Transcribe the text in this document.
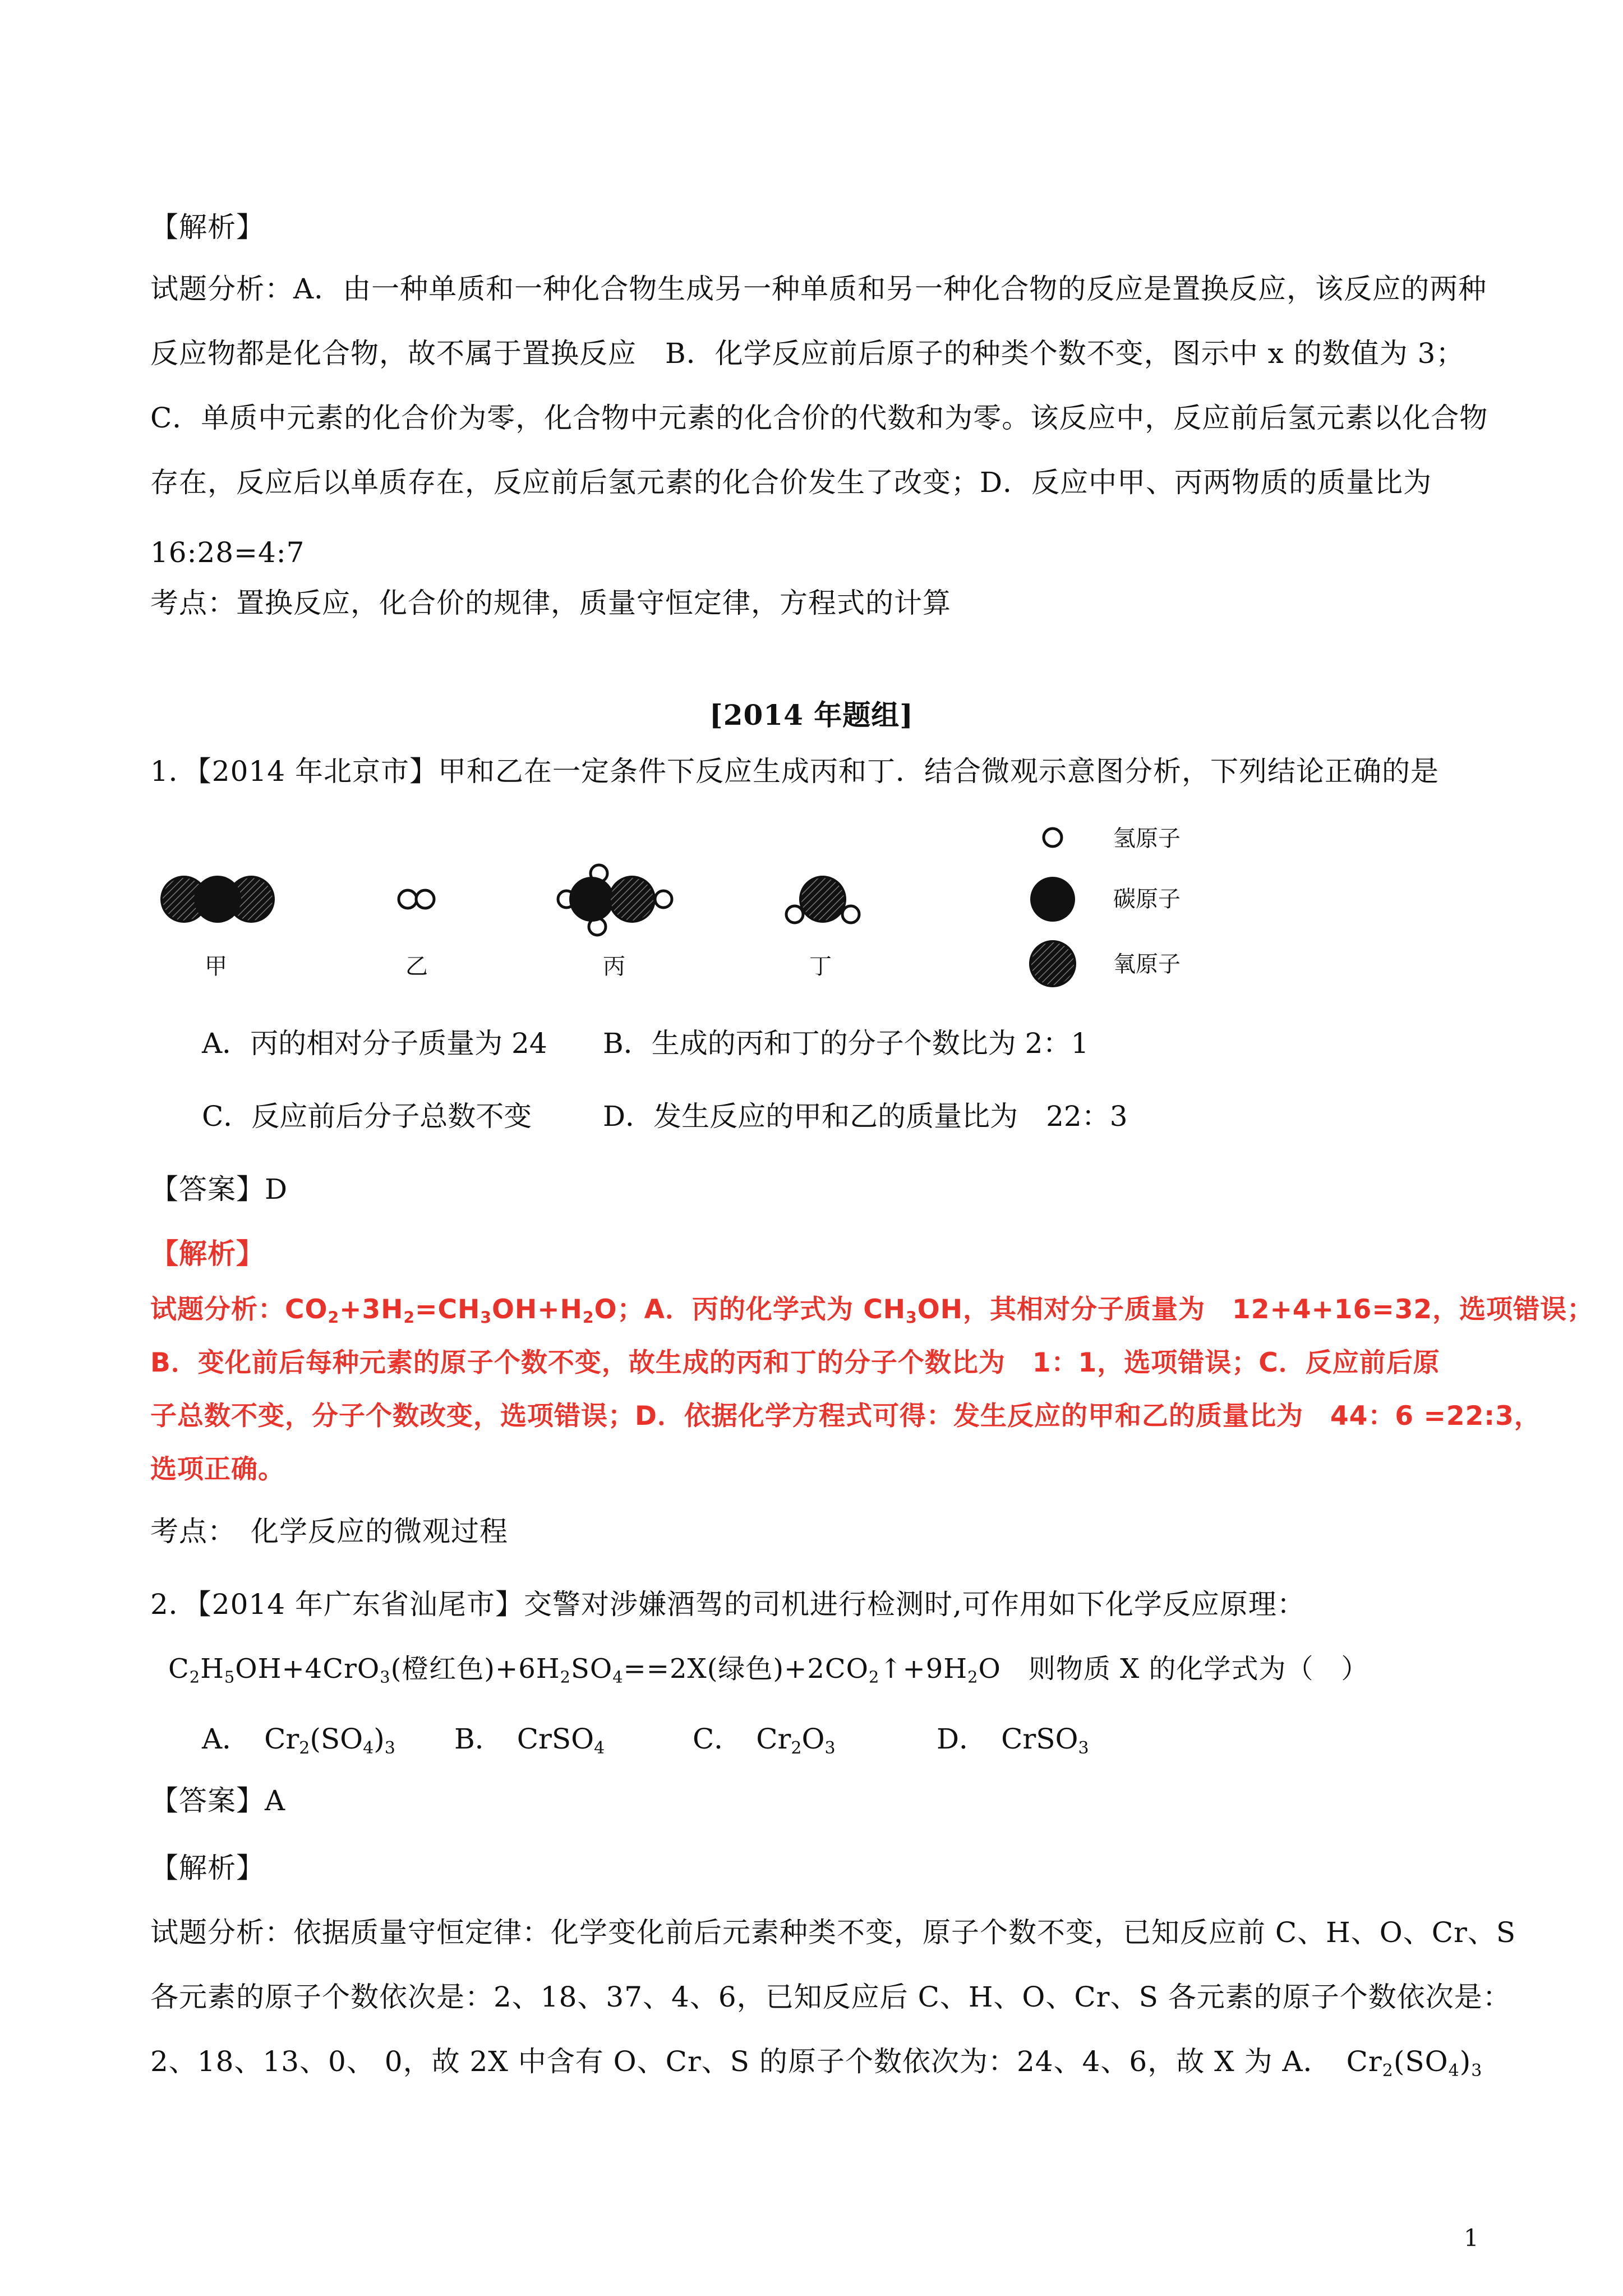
【解析】
试题分析：A．由一种单质和一种化合物生成另一种单质和另一种化合物的反应是置换反应，该反应的两种
反应物都是化合物，故不属于置换反应　B．化学反应前后原子的种类个数不变，图示中 x 的数值为 3；
C．单质中元素的化合价为零，化合物中元素的化合价的代数和为零。该反应中，反应前后氢元素以化合物
存在，反应后以单质存在，反应前后氢元素的化合价发生了改变；D．反应中甲、丙两物质的质量比为
16:28=4:7
考点：置换反应，化合价的规律，质量守恒定律，方程式的计算
[2014 年题组]
1．【2014 年北京市】甲和乙在一定条件下反应生成丙和丁．结合微观示意图分析，下列结论正确的是
甲	乙	丙	丁
氢原子
碳原子
氧原子
A．丙的相对分子质量为 24 B．生成的丙和丁的分子个数比为 2：1
C．反应前后分子总数不变	D．发生反应的甲和乙的质量比为　22：3
【答案】D
【解析】
试题分析：$CO_2+3H_2=CH_3OH+H_2O$；A．丙的化学式为 $CH_3OH$，其相对分子质量为　12+4+16=32，选项错误；
B．变化前后每种元素的原子个数不变，故生成的丙和丁的分子个数比为　1：1，选项错误；C．反应前后原
子总数不变，分子个数改变，选项错误；D．依据化学方程式可得：发生反应的甲和乙的质量比为　44：6 =22:3，
选项正确。
考点：　化学反应的微观过程
2．【2014 年广东省汕尾市】交警对涉嫌酒驾的司机进行检测时,可作用如下化学反应原理：
$C_2H_5OH+4CrO_3$(橙红色)$+6H_2SO_4==2X$(绿色)$+2CO_2↑+9H_2O$　则物质 X 的化学式为（　）
A．　$Cr_2(SO_4)_3$ B．　CrSO$_4$	C．　$Cr_2O_3$	D．　CrSO$_3$
【答案】A
【解析】
试题分析：依据质量守恒定律：化学变化前后元素种类不变，原子个数不变，已知反应前 C、H、O、Cr、S
各元素的原子个数依次是：2、18、37、4、6，已知反应后 C、H、O、Cr、S 各元素的原子个数依次是：
2、18、13、0、 0，故 2X 中含有 O、Cr、S 的原子个数依次为：24、4、6，故 X 为 A．　$Cr_2(SO_4)_3$
1
